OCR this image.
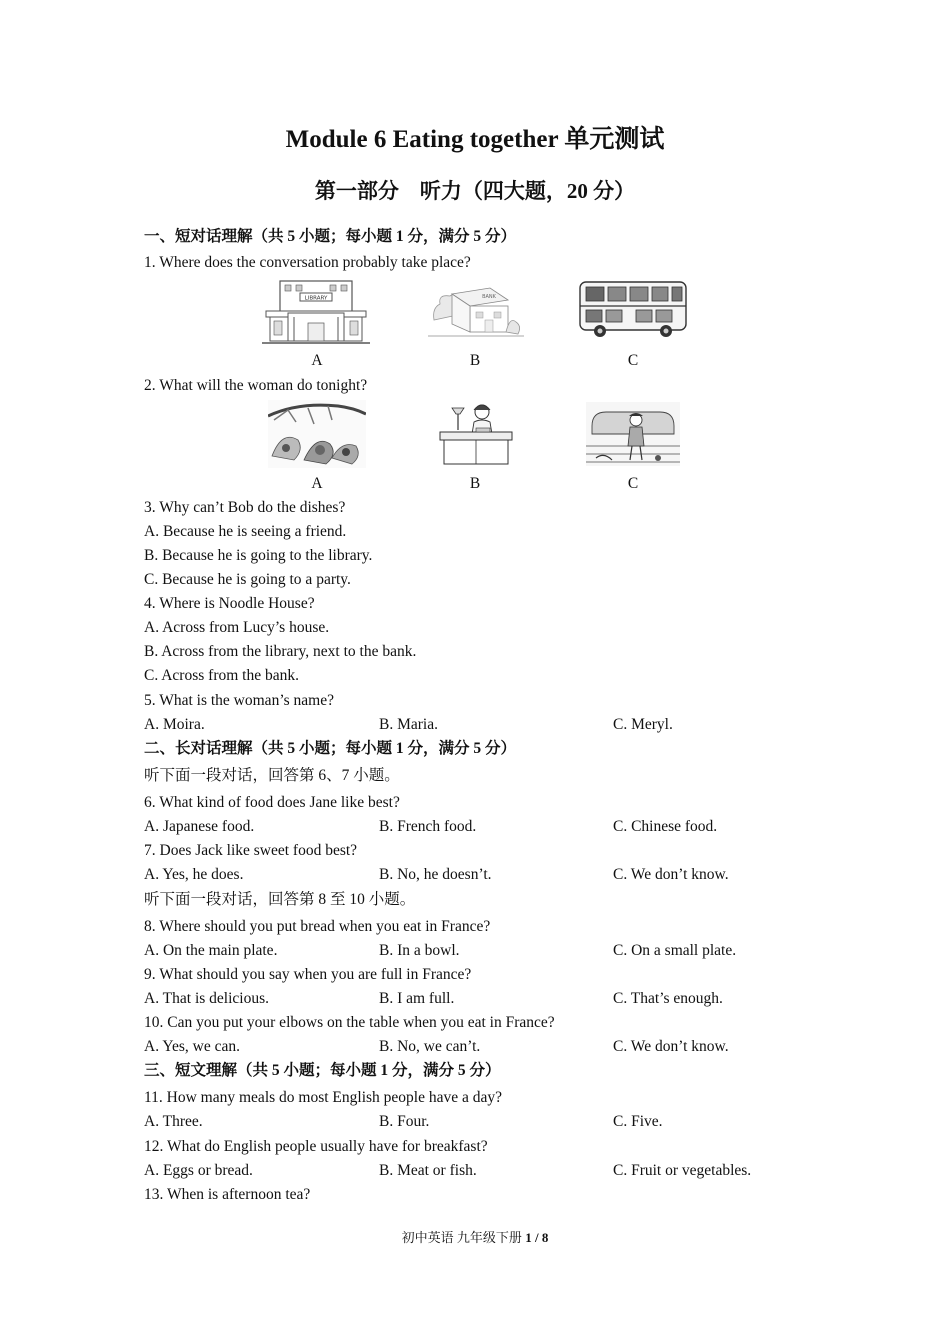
Module 6 Eating together 单元测试
第一部分　听力（四大题，20 分）
一、短对话理解（共 5 小题；每小题 1 分，满分 5 分）
1. Where does the conversation probably take place?
LIBRARY	BANK
A	B	C
2. What will the woman do tonight?
A	B	C
3. Why can’t Bob do the dishes?
A. Because he is seeing a friend.
B. Because he is going to the library.
C. Because he is going to a party.
4. Where is Noodle House?
A. Across from Lucy’s house.
B. Across from the library, next to the bank.
C. Across from the bank.
5. What is the woman’s name?
A. Moira.	B. Maria.	C. Meryl.
二、长对话理解（共 5 小题；每小题 1 分，满分 5 分）
听下面一段对话，回答第 6、7 小题。
6. What kind of food does Jane like best?
A. Japanese food.	B. French food.	C. Chinese food.
7. Does Jack like sweet food best?
A. Yes, he does.	B. No, he doesn’t.	C. We don’t know.
听下面一段对话，回答第 8 至 10 小题。
8. Where should you put bread when you eat in France?
A. On the main plate.	B. In a bowl.	C. On a small plate.
9. What should you say when you are full in France?
A. That is delicious.	B. I am full.	C. That’s enough.
10. Can you put your elbows on the table when you eat in France?
A. Yes, we can.	B. No, we can’t.	C. We don’t know.
三、短文理解（共 5 小题；每小题 1 分，满分 5 分）
11. How many meals do most English people have a day?
A. Three.	B. Four.	C. Five.
12. What do English people usually have for breakfast?
A. Eggs or bread.	B. Meat or fish.	C. Fruit or vegetables.
13. When is afternoon tea?
初中英语 九年级下册 1 / 8
